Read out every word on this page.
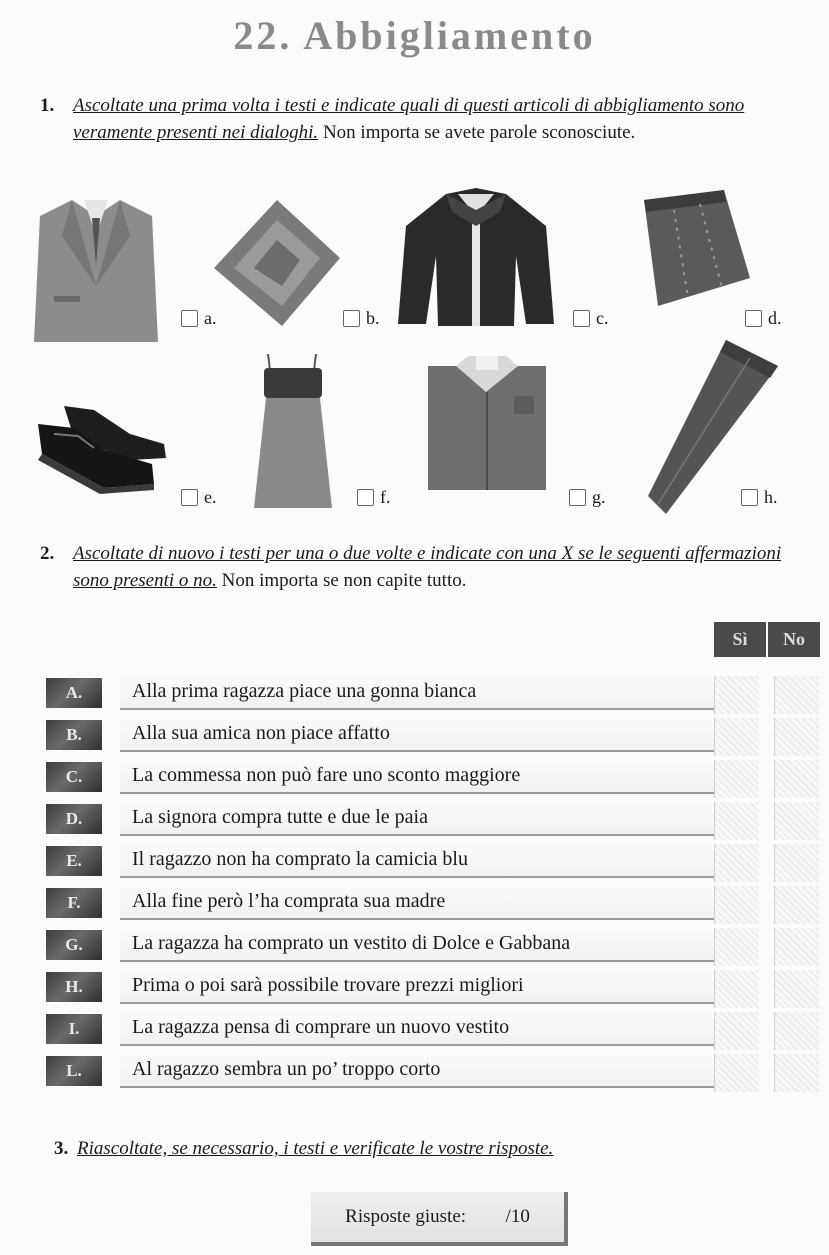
22. Abbigliamento
1. Ascoltate una prima volta i testi e indicate quali di questi articoli di abbigliamento sono veramente presenti nei dialoghi. Non importa se avete parole sconosciute.
a.	b.	c.	d.
e.	f.	g.	h.
2. Ascoltate di nuovo i testi per una o due volte e indicate con una X se le seguenti affermazioni sono presenti o no. Non importa se non capite tutto.
Sì	No
A.	Alla prima ragazza piace una gonna bianca
B.	Alla sua amica non piace affatto
C.	La commessa non può fare uno sconto maggiore
D.	La signora compra tutte e due le paia
E.	Il ragazzo non ha comprato la camicia blu
F.	Alla fine però l’ha comprata sua madre
G.	La ragazza ha comprato un vestito di Dolce e Gabbana
H.	Prima o poi sarà possibile trovare prezzi migliori
I.	La ragazza pensa di comprare un nuovo vestito
L.	Al ragazzo sembra un po’ troppo corto
3. Riascoltate, se necessario, i testi e verificate le vostre risposte.
Risposte giuste: /10
